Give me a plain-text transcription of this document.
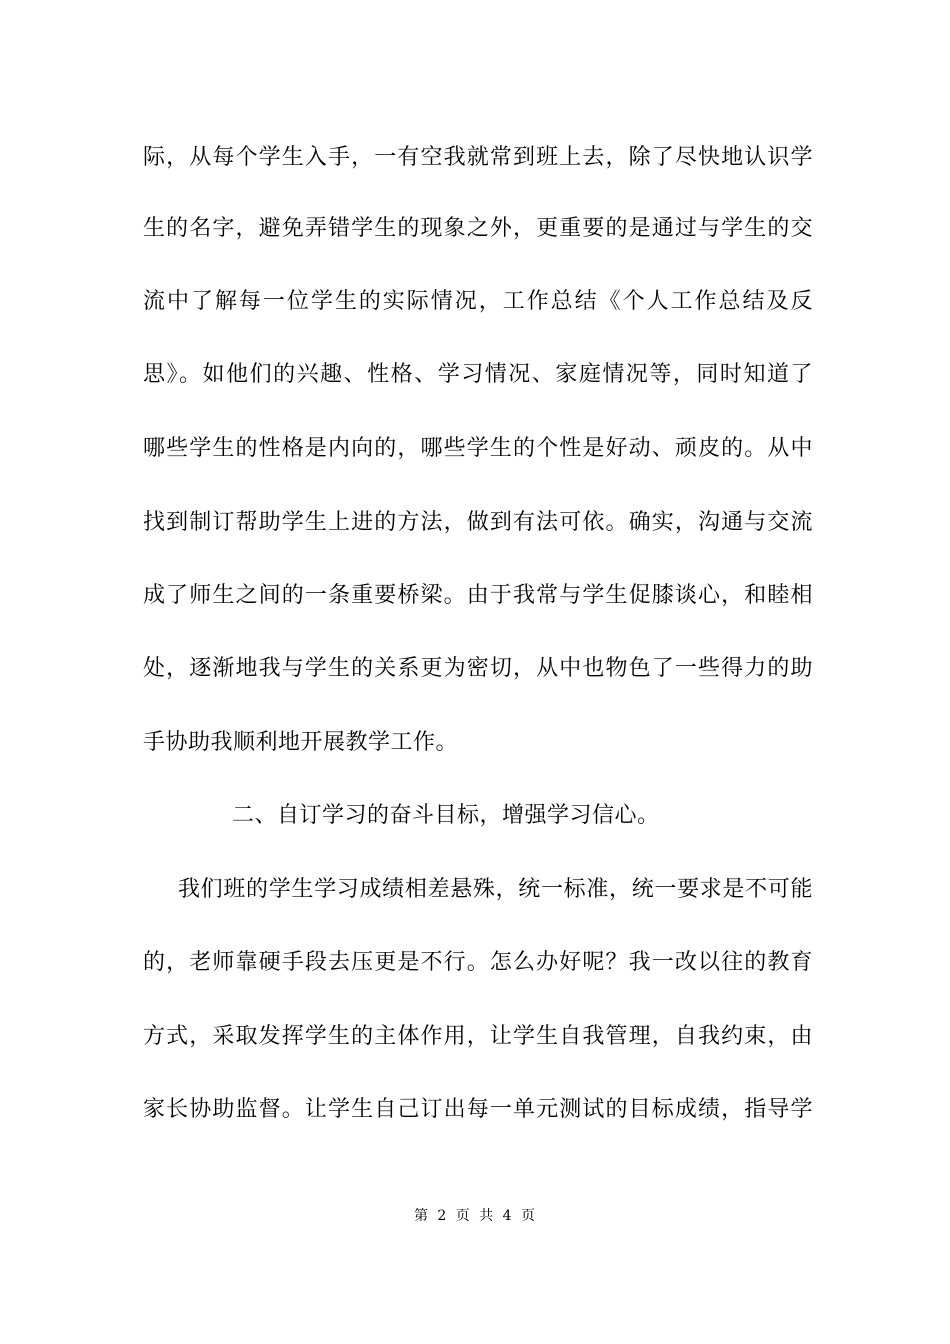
际，从每个学生入手，一有空我就常到班上去，除了尽快地认识学
生的名字，避免弄错学生的现象之外，更重要的是通过与学生的交
流中了解每一位学生的实际情况，工作总结《个人工作总结及反
思》。如他们的兴趣、性格、学习情况、家庭情况等，同时知道了
哪些学生的性格是内向的，哪些学生的个性是好动、顽皮的。从中
找到制订帮助学生上进的方法，做到有法可依。确实，沟通与交流
成了师生之间的一条重要桥梁。由于我常与学生促膝谈心，和睦相
处，逐渐地我与学生的关系更为密切，从中也物色了一些得力的助
手协助我顺利地开展教学工作。
二、自订学习的奋斗目标，增强学习信心。
我们班的学生学习成绩相差悬殊，统一标准，统一要求是不可能
的，老师靠硬手段去压更是不行。怎么办好呢？我一改以往的教育
方式，采取发挥学生的主体作用，让学生自我管理，自我约束，由
家长协助监督。让学生自己订出每一单元测试的目标成绩，指导学
第 2 页 共 4 页
